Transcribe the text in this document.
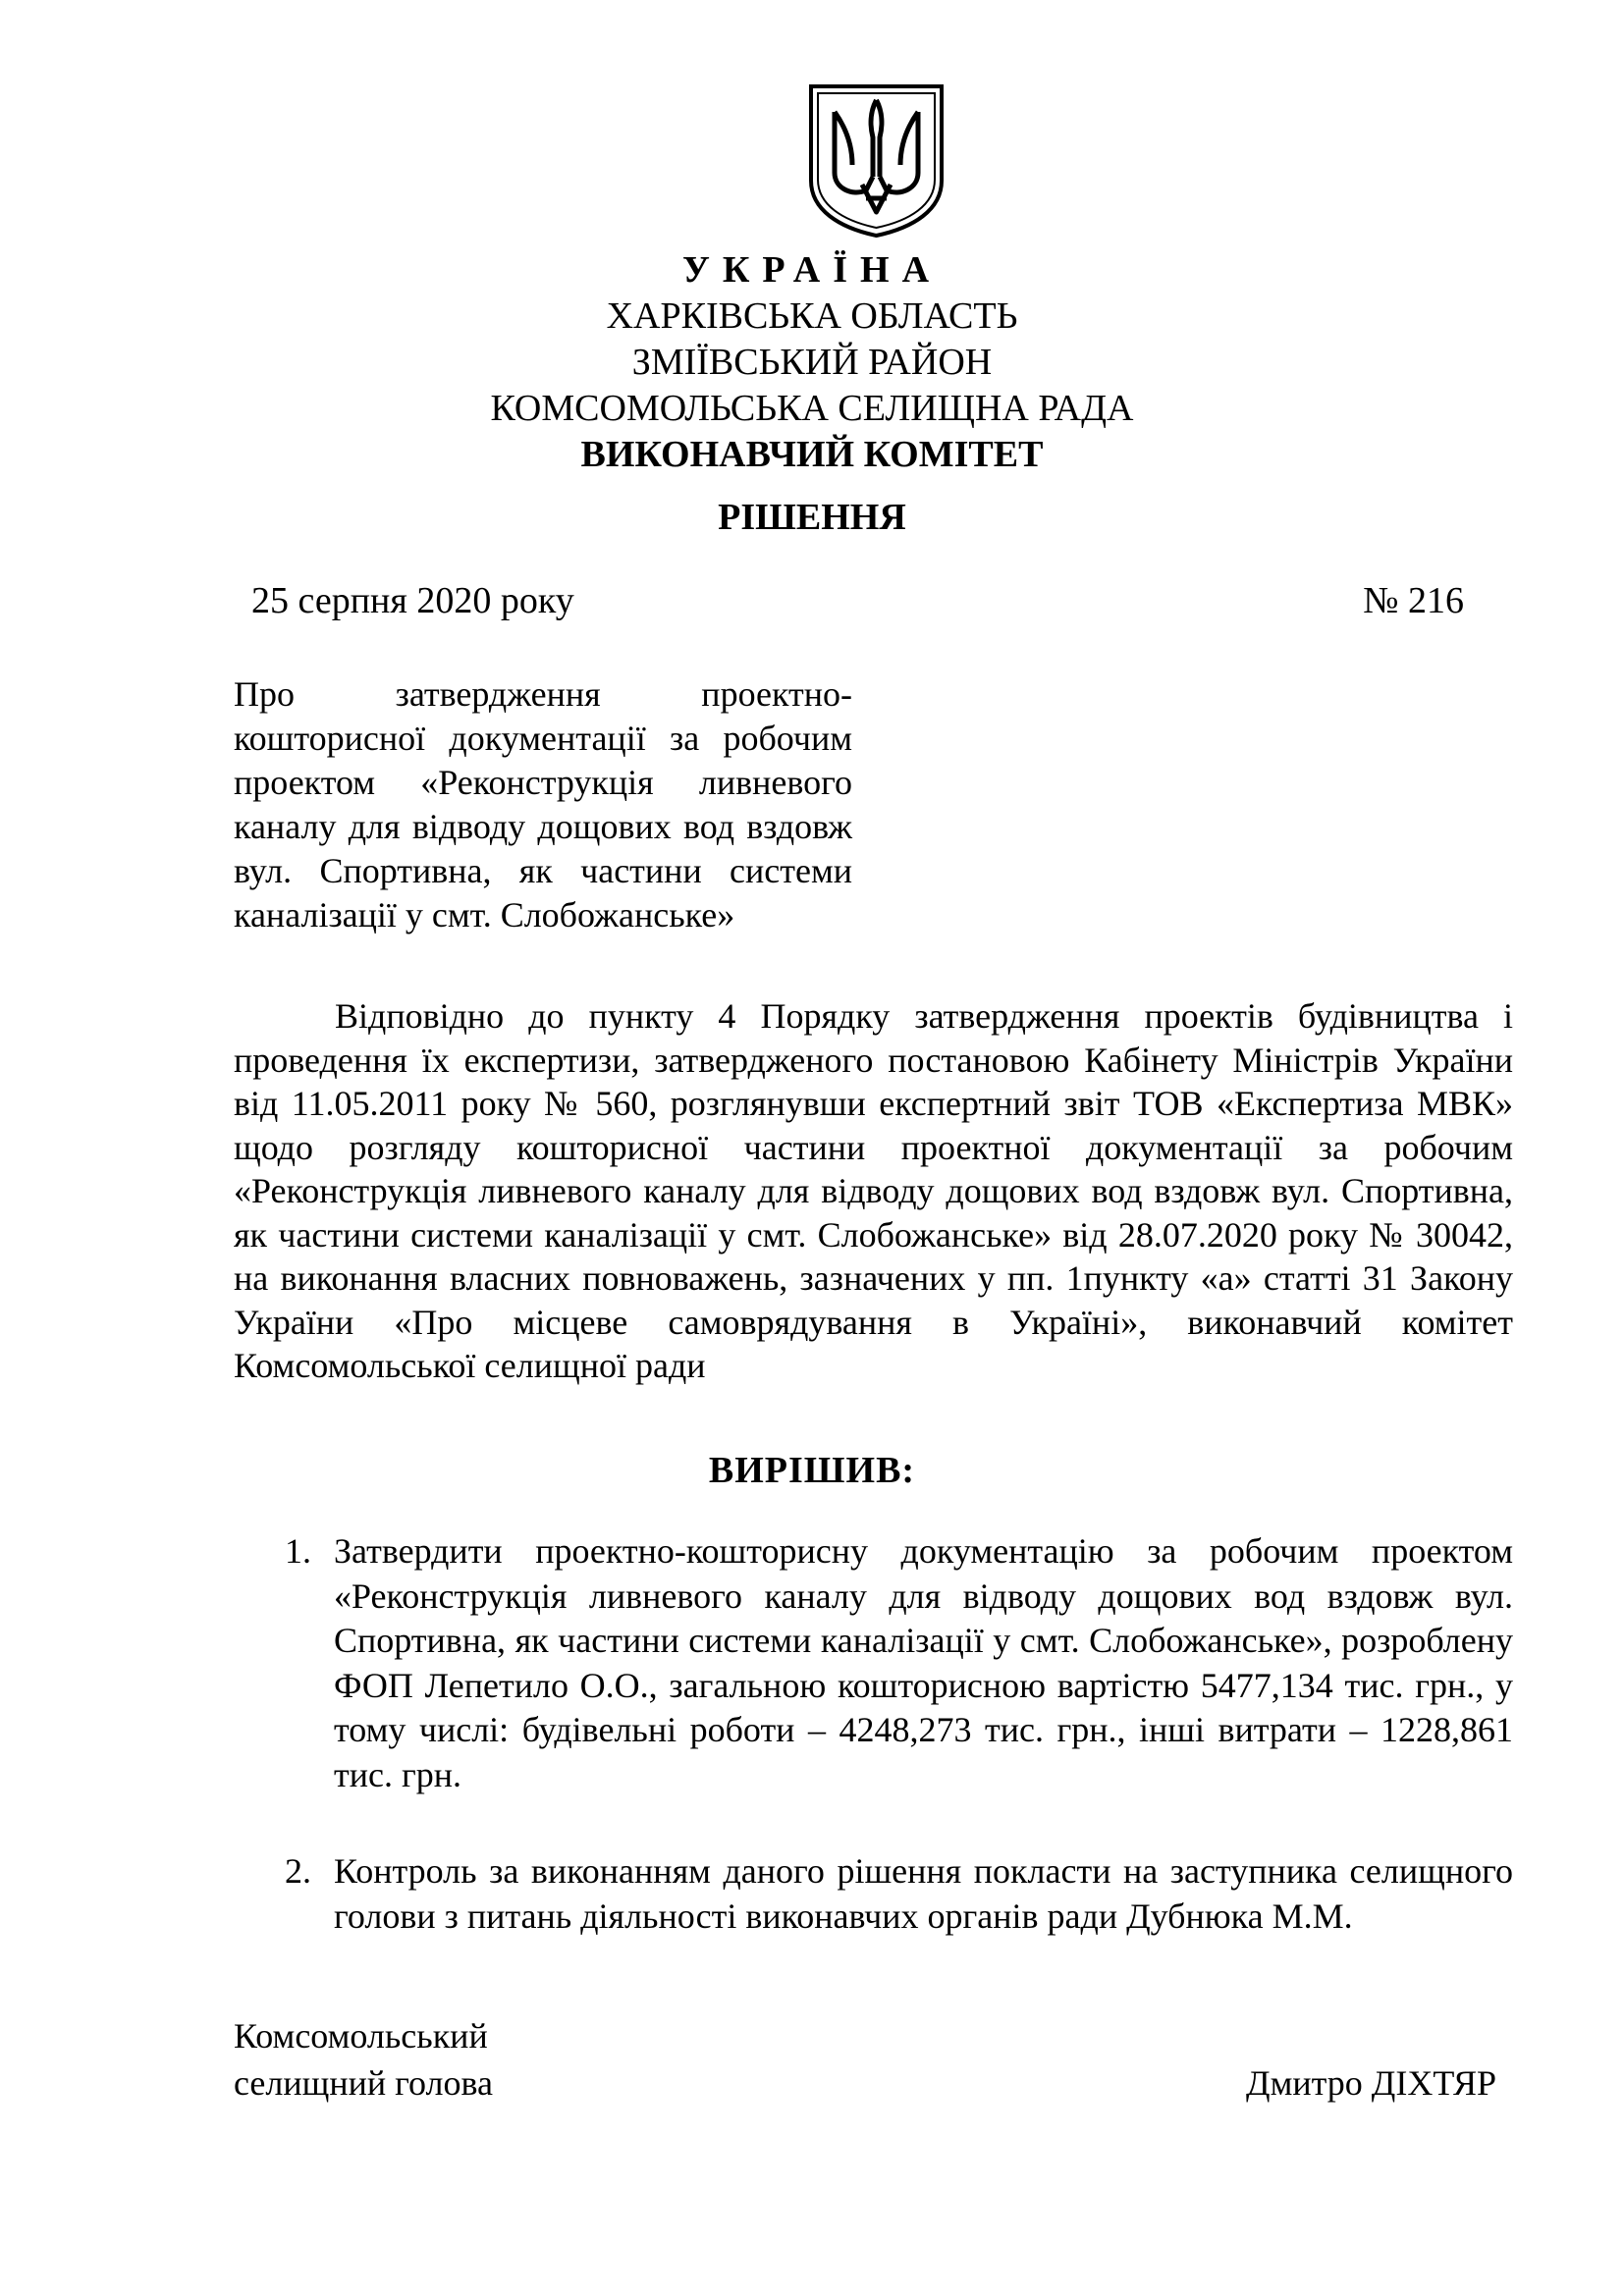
УКРАЇНА
ХАРКІВСЬКА ОБЛАСТЬ
ЗМІЇВСЬКИЙ РАЙОН
КОМСОМОЛЬСЬКА СЕЛИЩНА РАДА
ВИКОНАВЧИЙ КОМІТЕТ
РІШЕННЯ
25 серпня 2020 року	№ 216
Про затвердження проектно-кошторисної документації за робочим проектом «Реконструкція ливневого каналу для відводу дощових вод вздовж вул. Спортивна, як частини системи каналізації у смт. Слобожанське»
Відповідно до пункту 4 Порядку затвердження проектів будівництва і проведення їх експертизи, затвердженого постановою Кабінету Міністрів України від 11.05.2011 року № 560, розглянувши експертний звіт ТОВ «Експертиза МВК» щодо розгляду кошторисної частини проектної документації за робочим «Реконструкція ливневого каналу для відводу дощових вод вздовж вул. Спортивна, як частини системи каналізації у смт. Слобожанське» від 28.07.2020 року № 30042, на виконання власних повноважень, зазначених у пп. 1пункту «а» статті 31 Закону України «Про місцеве самоврядування в Україні», виконавчий комітет Комсомольської селищної ради
ВИРІШИВ:
1. Затвердити проектно-кошторисну документацію за робочим проектом «Реконструкція ливневого каналу для відводу дощових вод вздовж вул. Спортивна, як частини системи каналізації у смт. Слобожанське», розроблену ФОП Лепетило О.О., загальною кошторисною вартістю 5477,134 тис. грн., у тому числі: будівельні роботи – 4248,273 тис. грн., інші витрати – 1228,861 тис. грн.
2. Контроль за виконанням даного рішення покласти на заступника селищного голови з питань діяльності виконавчих органів ради Дубнюка М.М.
Комсомольський
селищний голова	Дмитро ДІХТЯР
